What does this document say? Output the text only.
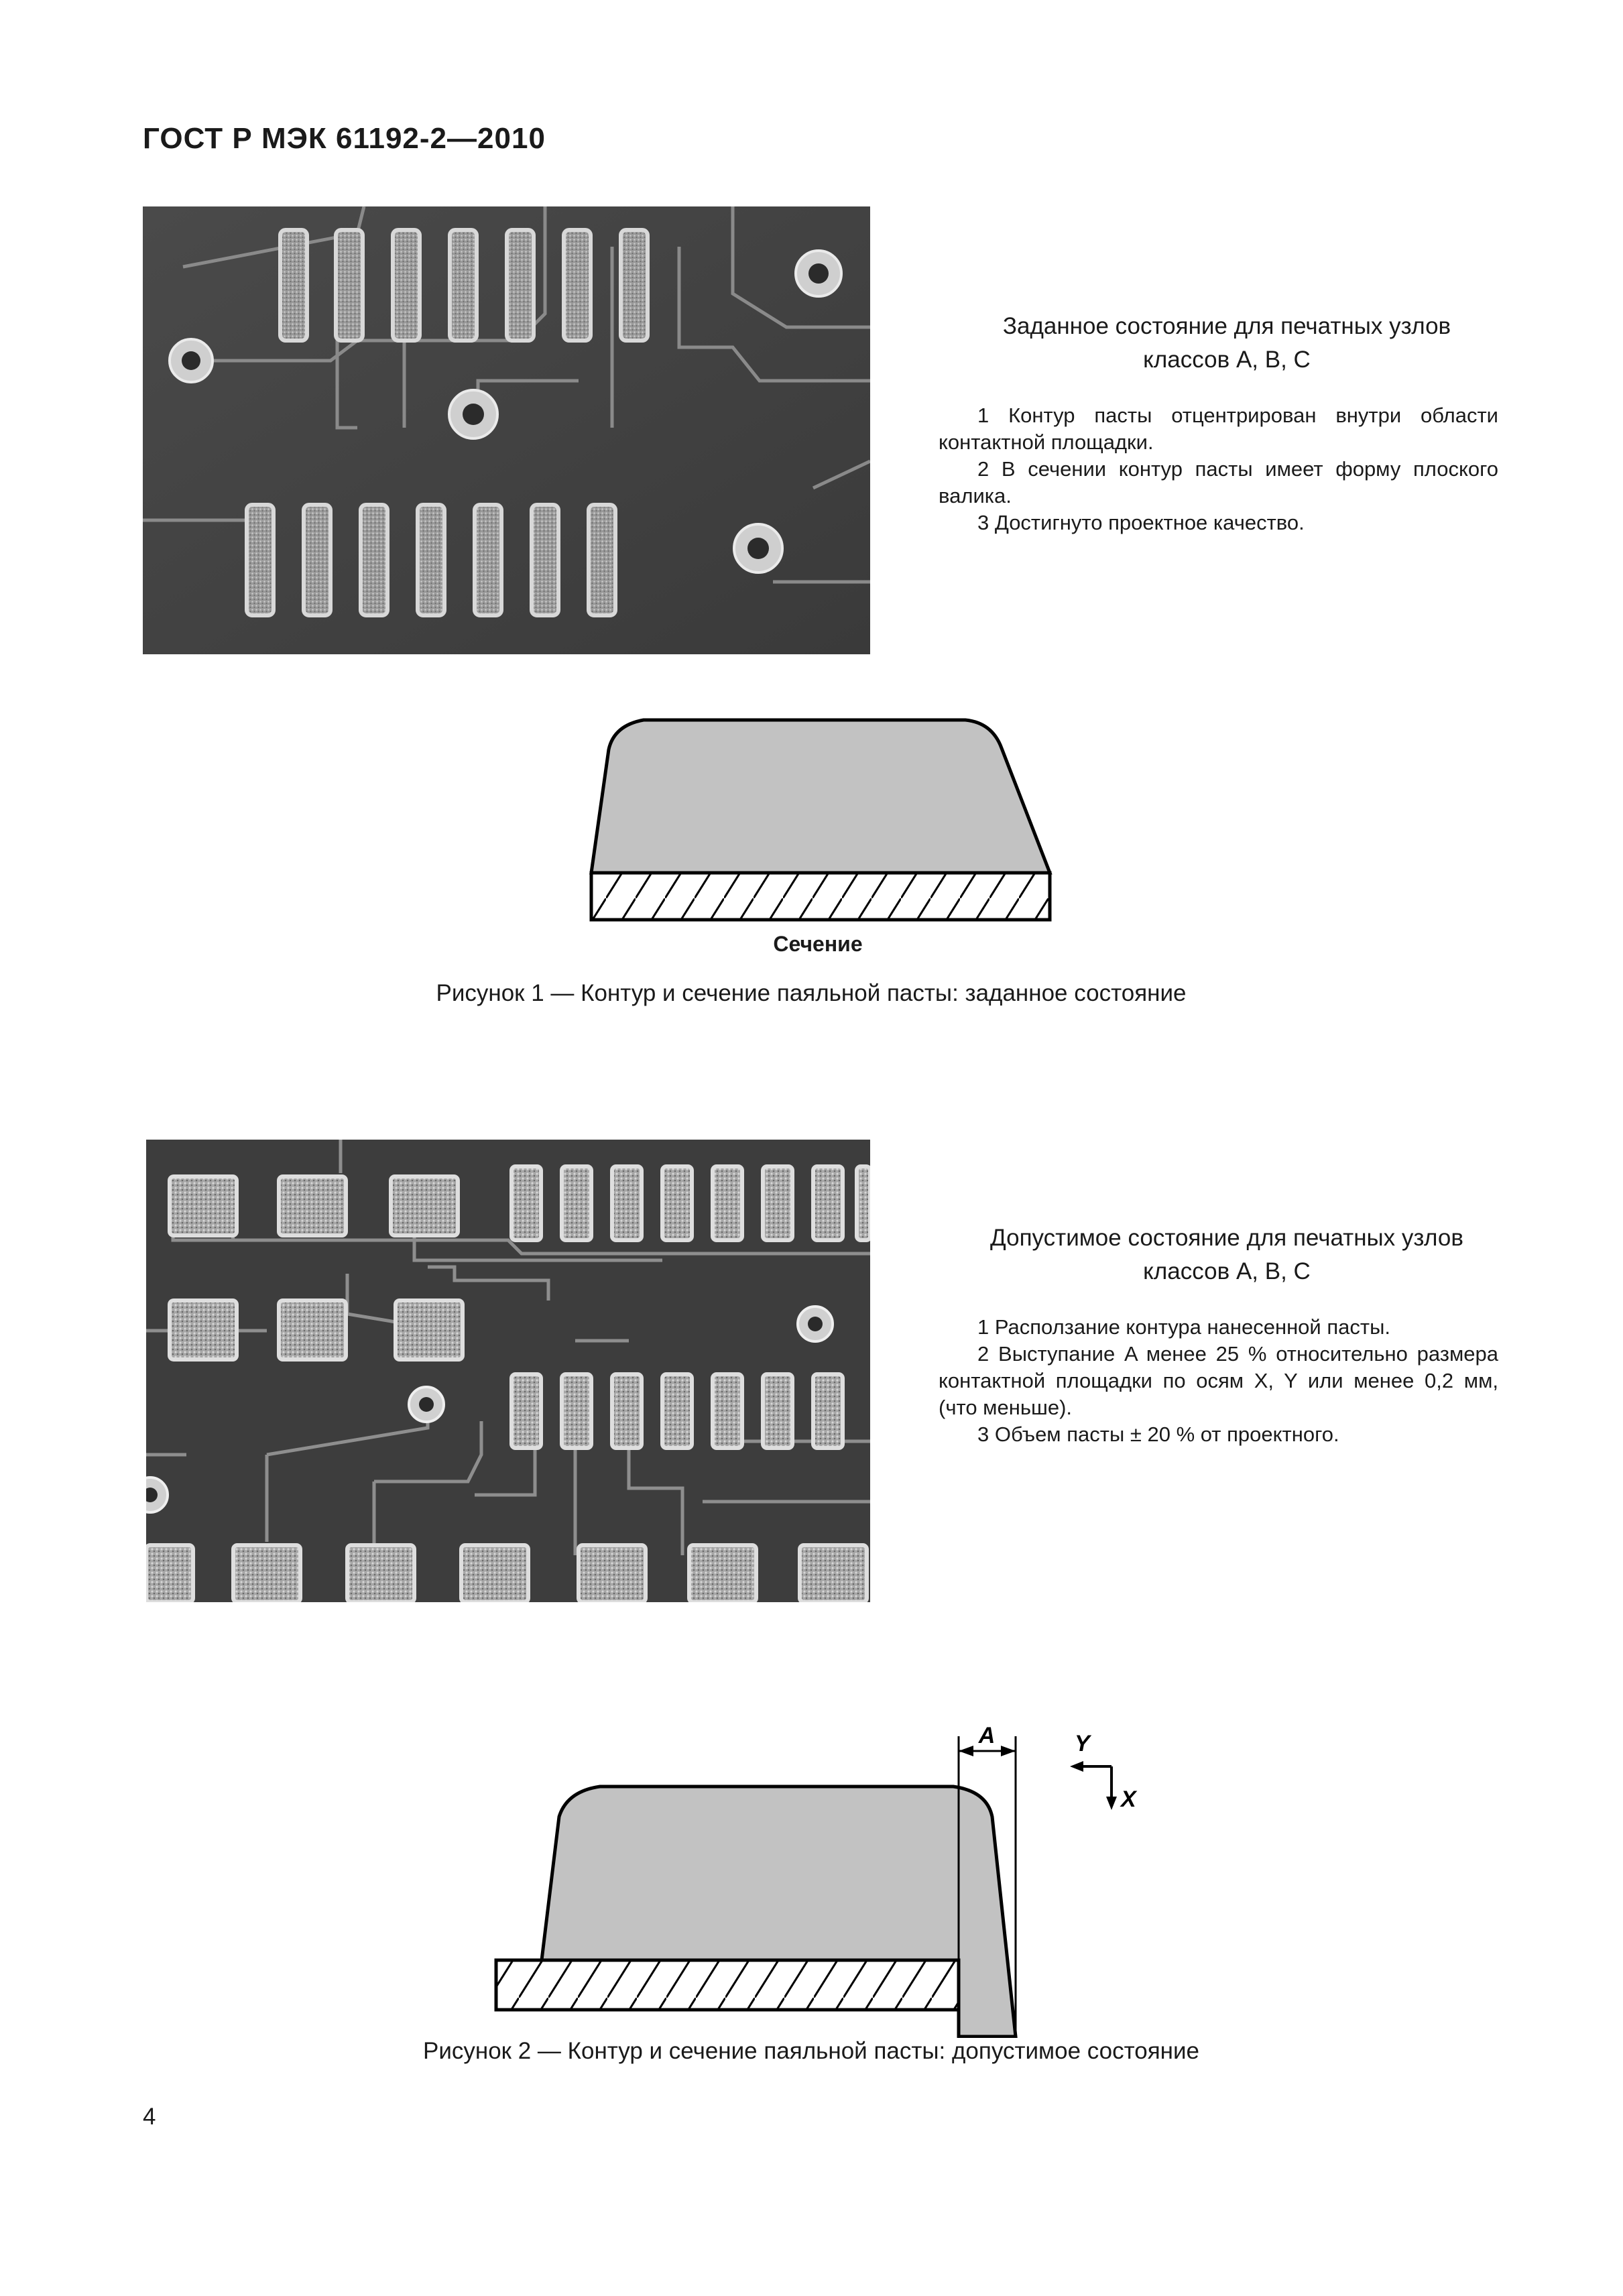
ГОСТ Р МЭК 61192-2—2010
Заданное состояние для печатных узлов
классов А, В, С

1 Контур пасты отцентрирован внутри области контактной площадки.

2 В сечении контур пасты имеет форму плоского валика.

3 Достигнуто проектное качество.

Сечение
Рисунок 1 — Контур и сечение паяльной пасты: заданное состояние
Допустимое состояние для печатных узлов
классов А, В, С

1 Расползание контура нанесенной пасты.

2 Выступание A менее 25 % относительно размера контактной площадки по осям X, Y или менее 0,2 мм, (что меньше).

3 Объем пасты ± 20 % от проектного.

A	Y
X
Рисунок 2 — Контур и сечение паяльной пасты: допустимое состояние
4
